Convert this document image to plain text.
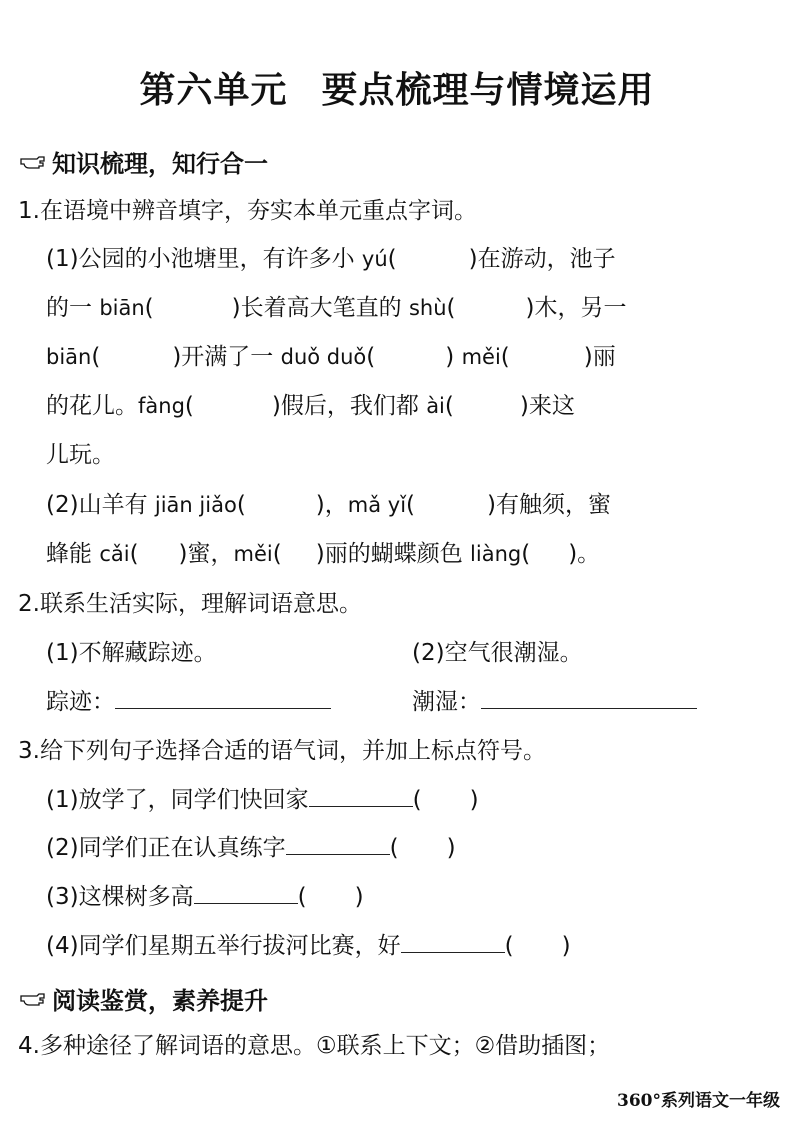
第六单元 要点梳理与情境运用
知识梳理，知行合一
1.在语境中辨音填字，夯实本单元重点字词。
(1)公园的小池塘里，有许多小 yú(	)在游动，池子
的一 biān(	)长着高大笔直的 shù(	)木，另一
biān(	)开满了一 duǒ duǒ(	) měi(	)丽
的花儿。fàng(	)假后，我们都 ài(	)来这
儿玩。
(2)山羊有 jiān jiǎo(	)，mǎ yǐ(	)有触须，蜜
蜂能 cǎi( )蜜，měi( )丽的蝴蝶颜色 liàng( )。
2.联系生活实际，理解词语意思。
(1)不解藏踪迹。	(2)空气很潮湿。
踪迹：	潮湿：
3.给下列句子选择合适的语气词，并加上标点符号。
(1)放学了，同学们快回家	( )
(2)同学们正在认真练字	( )
(3)这棵树多高	( )
(4)同学们星期五举行拔河比赛，好	( )
阅读鉴赏，素养提升
4.多种途径了解词语的意思。①联系上下文；②借助插图；
360°系列语文一年级
